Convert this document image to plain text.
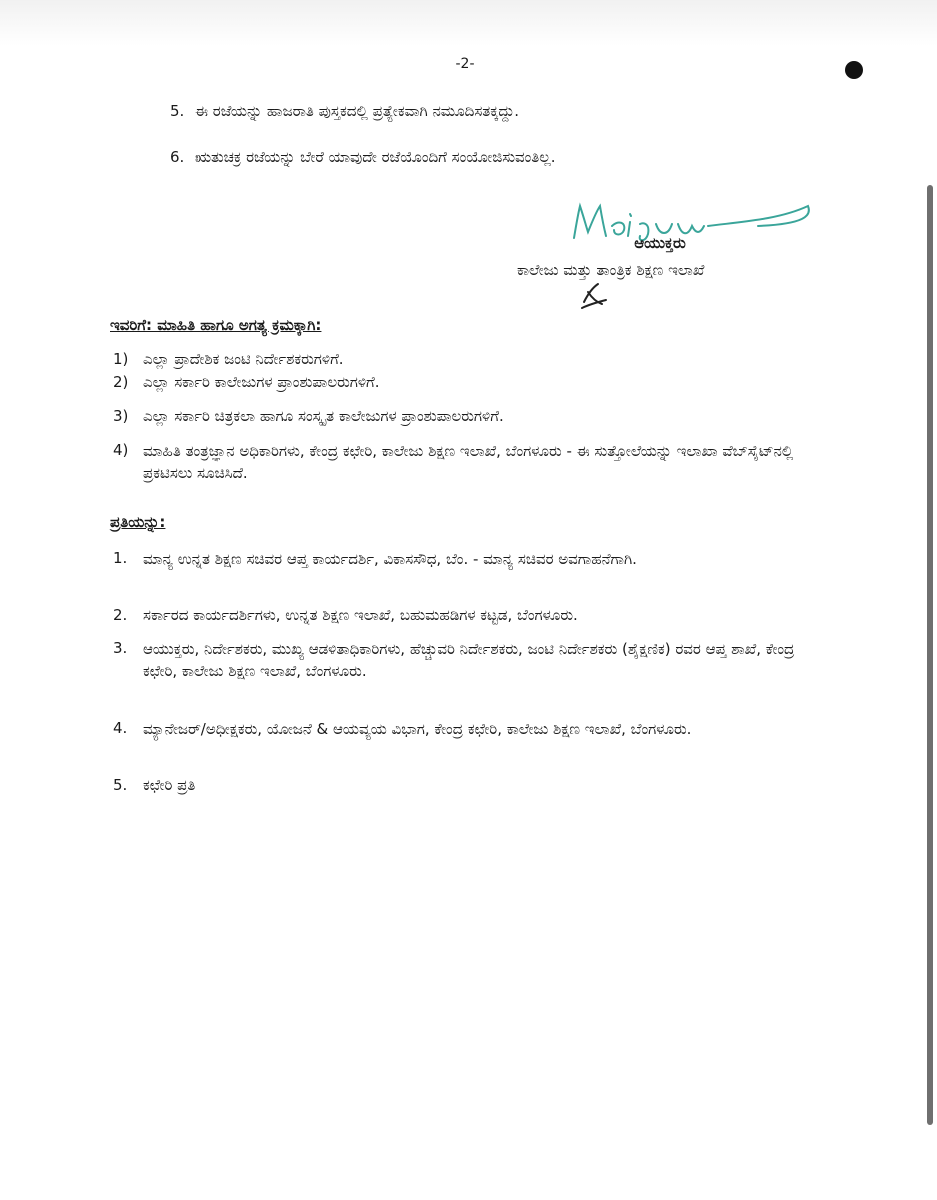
-2-
5. ಈ ರಜೆಯನ್ನು ಹಾಜರಾತಿ ಪುಸ್ತಕದಲ್ಲಿ ಪ್ರತ್ಯೇಕವಾಗಿ ನಮೂದಿಸತಕ್ಕದ್ದು.
6. ಋತುಚಕ್ರ ರಜೆಯನ್ನು ಬೇರೆ ಯಾವುದೇ ರಜೆಯೊಂದಿಗೆ ಸಂಯೋಜಿಸುವಂತಿಲ್ಲ.
ಆಯುಕ್ತರು
ಕಾಲೇಜು ಮತ್ತು ತಾಂತ್ರಿಕ ಶಿಕ್ಷಣ ಇಲಾಖೆ
ಇವರಿಗೆ: ಮಾಹಿತಿ ಹಾಗೂ ಅಗತ್ಯ ಕ್ರಮಕ್ಕಾಗಿ:
1) ಎಲ್ಲಾ ಪ್ರಾದೇಶಿಕ ಜಂಟಿ ನಿರ್ದೇಶಕರುಗಳಿಗೆ.
2) ಎಲ್ಲಾ ಸರ್ಕಾರಿ ಕಾಲೇಜುಗಳ ಪ್ರಾಂಶುಪಾಲರುಗಳಿಗೆ.
3) ಎಲ್ಲಾ ಸರ್ಕಾರಿ ಚಿತ್ರಕಲಾ ಹಾಗೂ ಸಂಸ್ಕೃತ ಕಾಲೇಜುಗಳ ಪ್ರಾಂಶುಪಾಲರುಗಳಿಗೆ.
4) ಮಾಹಿತಿ ತಂತ್ರಜ್ಞಾನ ಅಧಿಕಾರಿಗಳು, ಕೇಂದ್ರ ಕಛೇರಿ, ಕಾಲೇಜು ಶಿಕ್ಷಣ ಇಲಾಖೆ, ಬೆಂಗಳೂರು - ಈ ಸುತ್ತೋಲೆಯನ್ನು ಇಲಾಖಾ ವೆಬ್‌ಸೈಟ್‌ನಲ್ಲಿ ಪ್ರಕಟಿಸಲು ಸೂಚಿಸಿದೆ.
ಪ್ರತಿಯನ್ನು:
1. ಮಾನ್ಯ ಉನ್ನತ ಶಿಕ್ಷಣ ಸಚಿವರ ಆಪ್ತ ಕಾರ್ಯದರ್ಶಿ, ವಿಕಾಸಸೌಧ, ಬೆಂ. - ಮಾನ್ಯ ಸಚಿವರ ಅವಗಾಹನೆಗಾಗಿ.
2. ಸರ್ಕಾರದ ಕಾರ್ಯದರ್ಶಿಗಳು, ಉನ್ನತ ಶಿಕ್ಷಣ ಇಲಾಖೆ, ಬಹುಮಹಡಿಗಳ ಕಟ್ಟಡ, ಬೆಂಗಳೂರು.
3. ಆಯುಕ್ತರು, ನಿರ್ದೇಶಕರು, ಮುಖ್ಯ ಆಡಳಿತಾಧಿಕಾರಿಗಳು, ಹೆಚ್ಚುವರಿ ನಿರ್ದೇಶಕರು, ಜಂಟಿ ನಿರ್ದೇಶಕರು (ಶೈಕ್ಷಣಿಕ) ರವರ ಆಪ್ತ ಶಾಖೆ, ಕೇಂದ್ರ ಕಛೇರಿ, ಕಾಲೇಜು ಶಿಕ್ಷಣ ಇಲಾಖೆ, ಬೆಂಗಳೂರು.
4. ಮ್ಯಾನೇಜರ್/ಅಧೀಕ್ಷಕರು, ಯೋಜನೆ & ಆಯವ್ಯಯ ವಿಭಾಗ, ಕೇಂದ್ರ ಕಛೇರಿ, ಕಾಲೇಜು ಶಿಕ್ಷಣ ಇಲಾಖೆ, ಬೆಂಗಳೂರು.
5. ಕಛೇರಿ ಪ್ರತಿ
